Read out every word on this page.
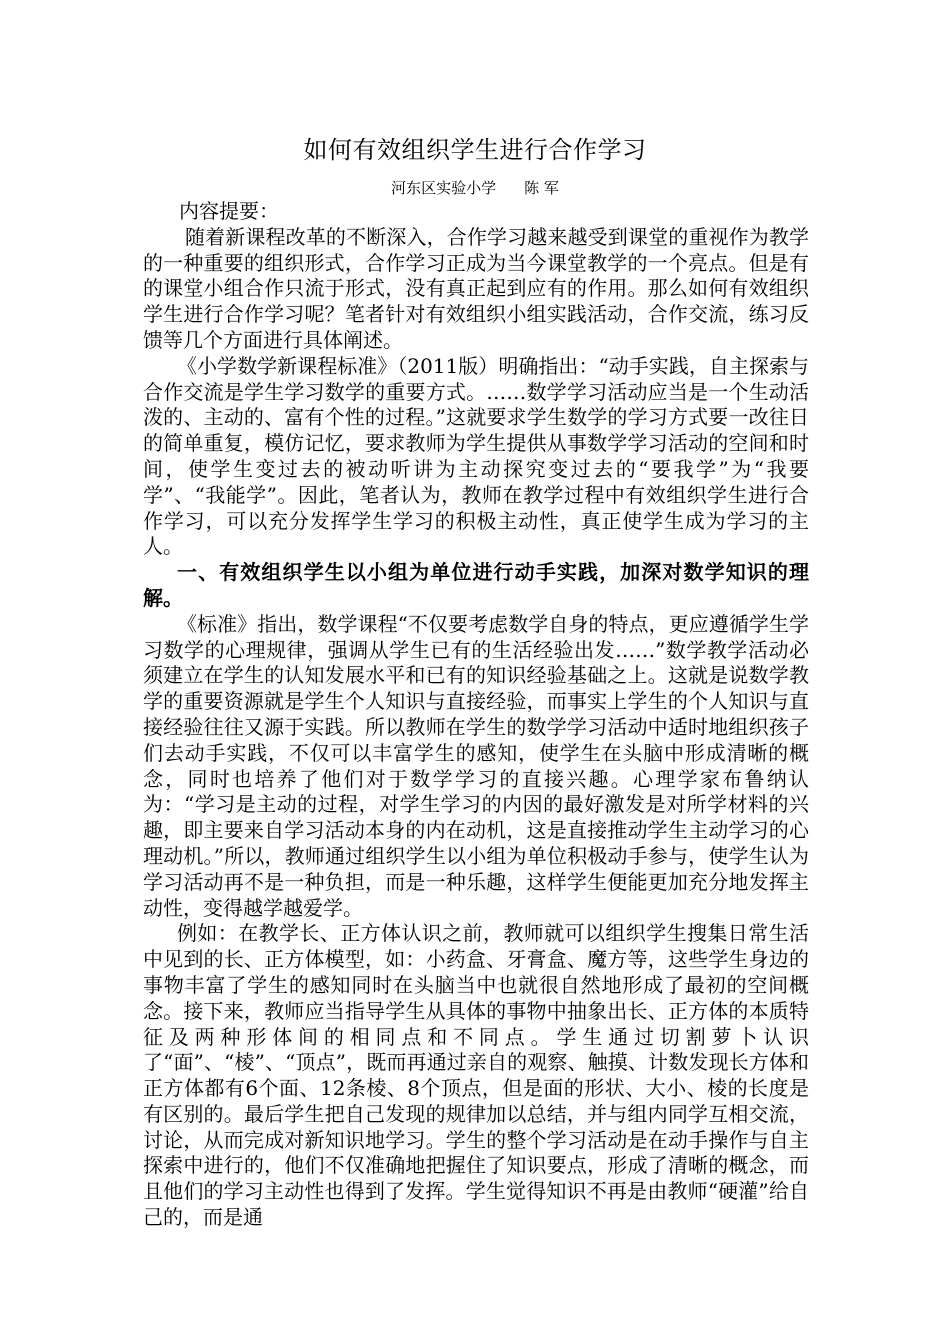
如何有效组织学生进行合作学习
河东区实验小学 陈 军

内容提要：

随着新课程改革的不断深入，合作学习越来越受到课堂的重视作为教学的一种重要的组织形式，合作学习正成为当今课堂教学的一个亮点。但是有的课堂小组合作只流于形式，没有真正起到应有的作用。那么如何有效组织学生进行合作学习呢？笔者针对有效组织小组实践活动，合作交流，练习反馈等几个方面进行具体阐述。

《小学数学新课程标准》（2011版）明确指出：“动手实践，自主探索与合作交流是学生学习数学的重要方式。……数学学习活动应当是一个生动活泼的、主动的、富有个性的过程。”这就要求学生数学的学习方式要一改往日的简单重复，模仿记忆，要求教师为学生提供从事数学学习活动的空间和时间，使学生变过去的被动听讲为主动探究变过去的“要我学”为“我要学”、“我能学”。因此，笔者认为，教师在教学过程中有效组织学生进行合作学习，可以充分发挥学生学习的积极主动性，真正使学生成为学习的主人。

一、有效组织学生以小组为单位进行动手实践，加深对数学知识的理解。

《标准》指出，数学课程“不仅要考虑数学自身的特点，更应遵循学生学习数学的心理规律，强调从学生已有的生活经验出发……”数学教学活动必须建立在学生的认知发展水平和已有的知识经验基础之上。这就是说数学教学的重要资源就是学生个人知识与直接经验，而事实上学生的个人知识与直接经验往往又源于实践。所以教师在学生的数学学习活动中适时地组织孩子们去动手实践，不仅可以丰富学生的感知，使学生在头脑中形成清晰的概念，同时也培养了他们对于数学学习的直接兴趣。心理学家布鲁纳认为：“学习是主动的过程，对学生学习的内因的最好激发是对所学材料的兴趣，即主要来自学习活动本身的内在动机，这是直接推动学生主动学习的心理动机。”所以，教师通过组织学生以小组为单位积极动手参与，使学生认为学习活动再不是一种负担，而是一种乐趣，这样学生便能更加充分地发挥主动性，变得越学越爱学。

例如：在教学长、正方体认识之前，教师就可以组织学生搜集日常生活中见到的长、正方体模型，如：小药盒、牙膏盒、魔方等，这些学生身边的事物丰富了学生的感知同时在头脑当中也就很自然地形成了最初的空间概念。接下来，教师应当指导学生从具体的事物中抽象出长、正方体的本质特征及两种形体间的相同点和不同点。学生通过切割萝卜认识了“面”、“棱”、“顶点”，既而再通过亲自的观察、触摸、计数发现长方体和正方体都有6个面、12条棱、8个顶点，但是面的形状、大小、棱的长度是有区别的。最后学生把自己发现的规律加以总结，并与组内同学互相交流，讨论，从而完成对新知识地学习。学生的整个学习活动是在动手操作与自主探索中进行的，他们不仅准确地把握住了知识要点，形成了清晰的概念，而且他们的学习主动性也得到了发挥。学生觉得知识不再是由教师“硬灌”给自己的，而是通
